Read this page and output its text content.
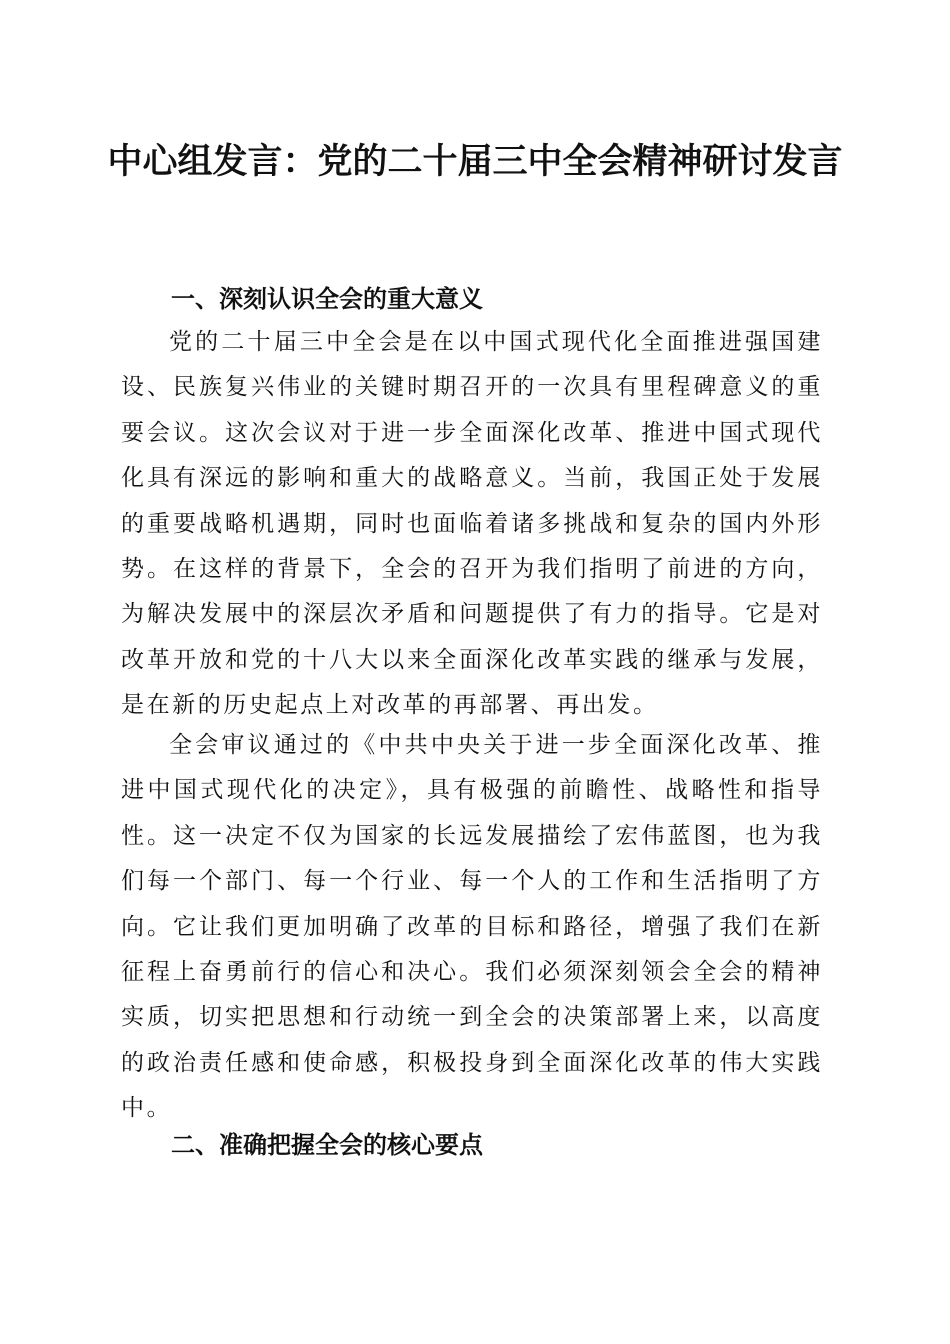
中心组发言：党的二十届三中全会精神研讨发言
一、深刻认识全会的重大意义

党的二十届三中全会是在以中国式现代化全面推进强国建设、民族复兴伟业的关键时期召开的一次具有里程碑意义的重要会议。这次会议对于进一步全面深化改革、推进中国式现代化具有深远的影响和重大的战略意义。当前，我国正处于发展的重要战略机遇期，同时也面临着诸多挑战和复杂的国内外形势。在这样的背景下，全会的召开为我们指明了前进的方向，为解决发展中的深层次矛盾和问题提供了有力的指导。它是对改革开放和党的十八大以来全面深化改革实践的继承与发展，是在新的历史起点上对改革的再部署、再出发。

全会审议通过的《中共中央关于进一步全面深化改革、推进中国式现代化的决定》，具有极强的前瞻性、战略性和指导性。这一决定不仅为国家的长远发展描绘了宏伟蓝图，也为我们每一个部门、每一个行业、每一个人的工作和生活指明了方向。它让我们更加明确了改革的目标和路径，增强了我们在新征程上奋勇前行的信心和决心。我们必须深刻领会全会的精神实质，切实把思想和行动统一到全会的决策部署上来，以高度的政治责任感和使命感，积极投身到全面深化改革的伟大实践中。

二、准确把握全会的核心要点
